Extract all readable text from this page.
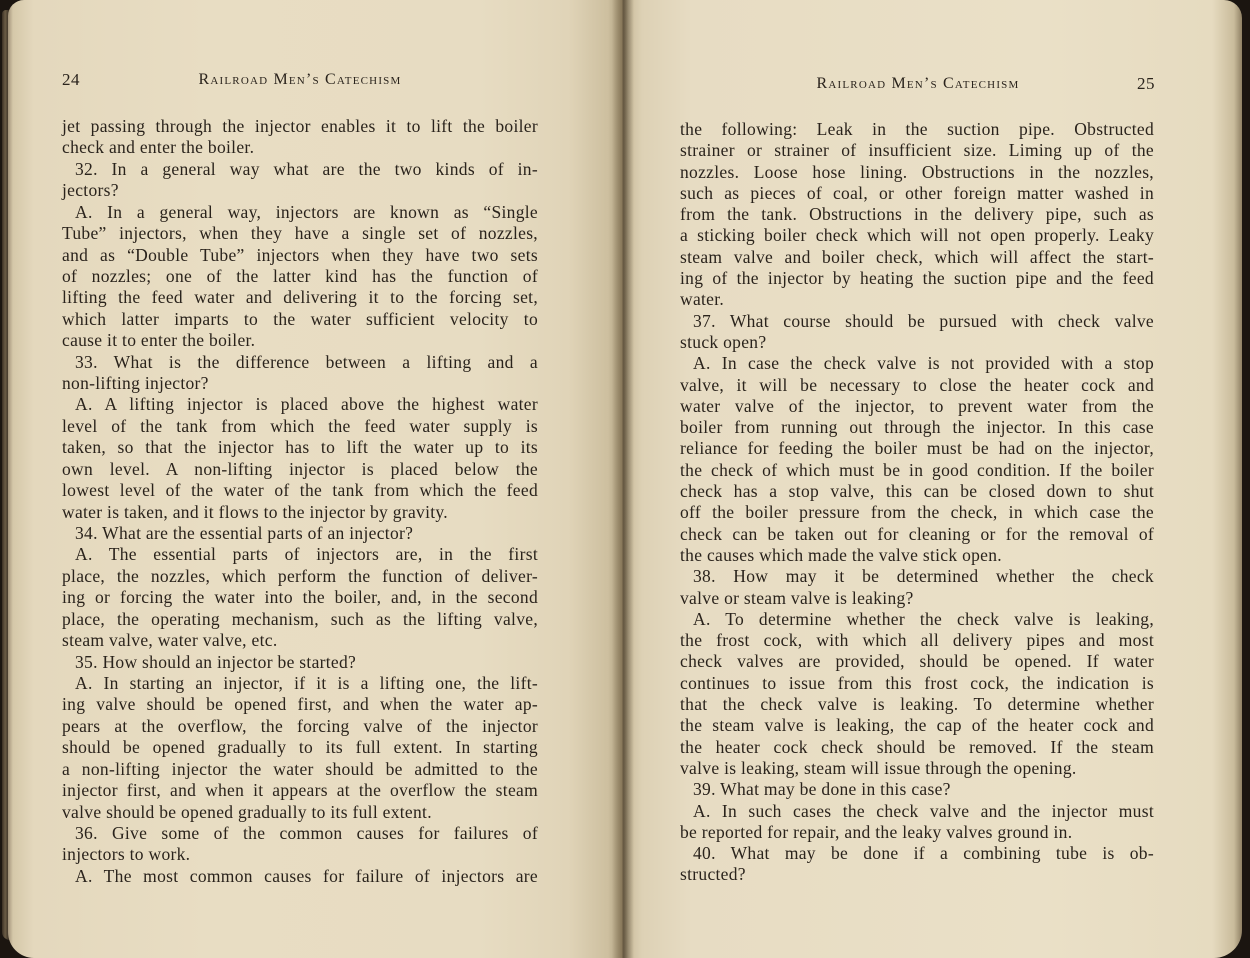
24	Railroad Men’s Catechism
jet passing through the injector enables it to lift the boiler
check and enter the boiler.
32. In a general way what are the two kinds of in-
jectors?
A. In a general way, injectors are known as “Single
Tube” injectors, when they have a single set of nozzles,
and as “Double Tube” injectors when they have two sets
of nozzles; one of the latter kind has the function of
lifting the feed water and delivering it to the forcing set,
which latter imparts to the water sufficient velocity to
cause it to enter the boiler.
33. What is the difference between a lifting and a
non-lifting injector?
A. A lifting injector is placed above the highest water
level of the tank from which the feed water supply is
taken, so that the injector has to lift the water up to its
own level. A non-lifting injector is placed below the
lowest level of the water of the tank from which the feed
water is taken, and it flows to the injector by gravity.
34. What are the essential parts of an injector?
A. The essential parts of injectors are, in the first
place, the nozzles, which perform the function of deliver-
ing or forcing the water into the boiler, and, in the second
place, the operating mechanism, such as the lifting valve,
steam valve, water valve, etc.
35. How should an injector be started?
A. In starting an injector, if it is a lifting one, the lift-
ing valve should be opened first, and when the water ap-
pears at the overflow, the forcing valve of the injector
should be opened gradually to its full extent. In starting
a non-lifting injector the water should be admitted to the
injector first, and when it appears at the overflow the steam
valve should be opened gradually to its full extent.
36. Give some of the common causes for failures of
injectors to work.
A. The most common causes for failure of injectors are
Railroad Men’s Catechism	25
the following: Leak in the suction pipe. Obstructed
strainer or strainer of insufficient size. Liming up of the
nozzles. Loose hose lining. Obstructions in the nozzles,
such as pieces of coal, or other foreign matter washed in
from the tank. Obstructions in the delivery pipe, such as
a sticking boiler check which will not open properly. Leaky
steam valve and boiler check, which will affect the start-
ing of the injector by heating the suction pipe and the feed
water.
37. What course should be pursued with check valve
stuck open?
A. In case the check valve is not provided with a stop
valve, it will be necessary to close the heater cock and
water valve of the injector, to prevent water from the
boiler from running out through the injector. In this case
reliance for feeding the boiler must be had on the injector,
the check of which must be in good condition. If the boiler
check has a stop valve, this can be closed down to shut
off the boiler pressure from the check, in which case the
check can be taken out for cleaning or for the removal of
the causes which made the valve stick open.
38. How may it be determined whether the check
valve or steam valve is leaking?
A. To determine whether the check valve is leaking,
the frost cock, with which all delivery pipes and most
check valves are provided, should be opened. If water
continues to issue from this frost cock, the indication is
that the check valve is leaking. To determine whether
the steam valve is leaking, the cap of the heater cock and
the heater cock check should be removed. If the steam
valve is leaking, steam will issue through the opening.
39. What may be done in this case?
A. In such cases the check valve and the injector must
be reported for repair, and the leaky valves ground in.
40. What may be done if a combining tube is ob-
structed?
